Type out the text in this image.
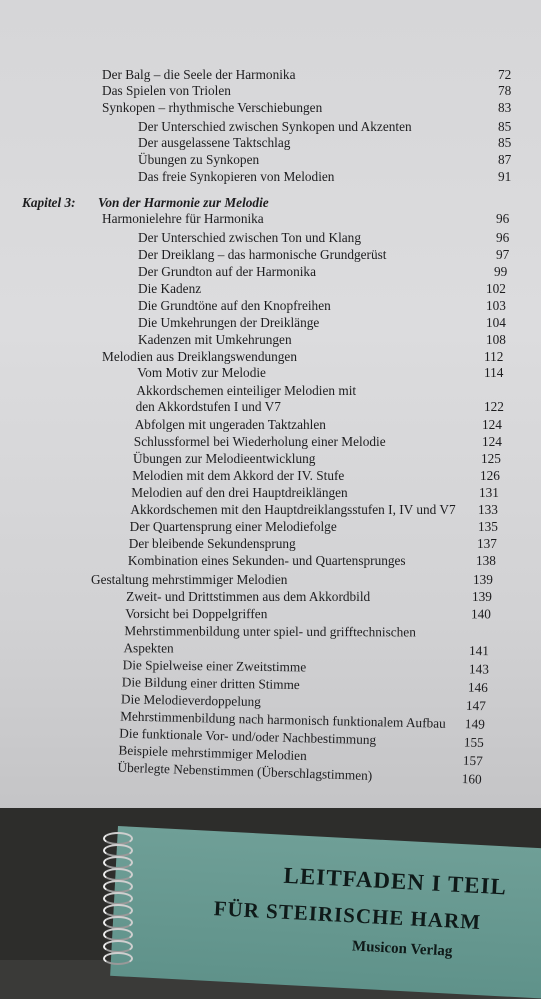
Der Balg – die Seele der Harmonika	72
Das Spielen von Triolen	78
Synkopen – rhythmische Verschiebungen	83
Der Unterschied zwischen Synkopen und Akzenten	85
Der ausgelassene Taktschlag	85
Übungen zu Synkopen	87
Das freie Synkopieren von Melodien	91
Kapitel 3: Von der Harmonie zur Melodie
Harmonielehre für Harmonika	96
Der Unterschied zwischen Ton und Klang	96
Der Dreiklang – das harmonische Grundgerüst	97
Der Grundton auf der Harmonika	99
Die Kadenz	102
Die Grundtöne auf den Knopfreihen	103
Die Umkehrungen der Dreiklänge	104
Kadenzen mit Umkehrungen	108
Melodien aus Dreiklangswendungen	112
Vom Motiv zur Melodie	114
Akkordschemen einteiliger Melodien mit
den Akkordstufen I und V7	122
Abfolgen mit ungeraden Taktzahlen	124
Schlussformel bei Wiederholung einer Melodie	124
Übungen zur Melodieentwicklung	125
Melodien mit dem Akkord der IV. Stufe	126
Melodien auf den drei Hauptdreiklängen	131
Akkordschemen mit den Hauptdreiklangsstufen I, IV und V7 133
Der Quartensprung einer Melodiefolge	135
Der bleibende Sekundensprung	137
Kombination eines Sekunden- und Quartensprunges	138
Gestaltung mehrstimmiger Melodien	139
Zweit- und Drittstimmen aus dem Akkordbild	139
Vorsicht bei Doppelgriffen	140
Mehrstimmenbildung unter spiel- und grifftechnischen
Aspekten	141
Die Spielweise einer Zweitstimme	143
Die Bildung einer dritten Stimme	146
Die Melodieverdoppelung	147
Mehrstimmenbildung nach harmonisch funktionalem Aufbau 149
Die funktionale Vor- und/oder Nachbestimmung	155
Beispiele mehrstimmiger Melodien	157
Überlegte Nebenstimmen (Überschlagstimmen)	160
LEITFADEN I TEIL
FÜR STEIRISCHE HARM
Musicon Verlag
